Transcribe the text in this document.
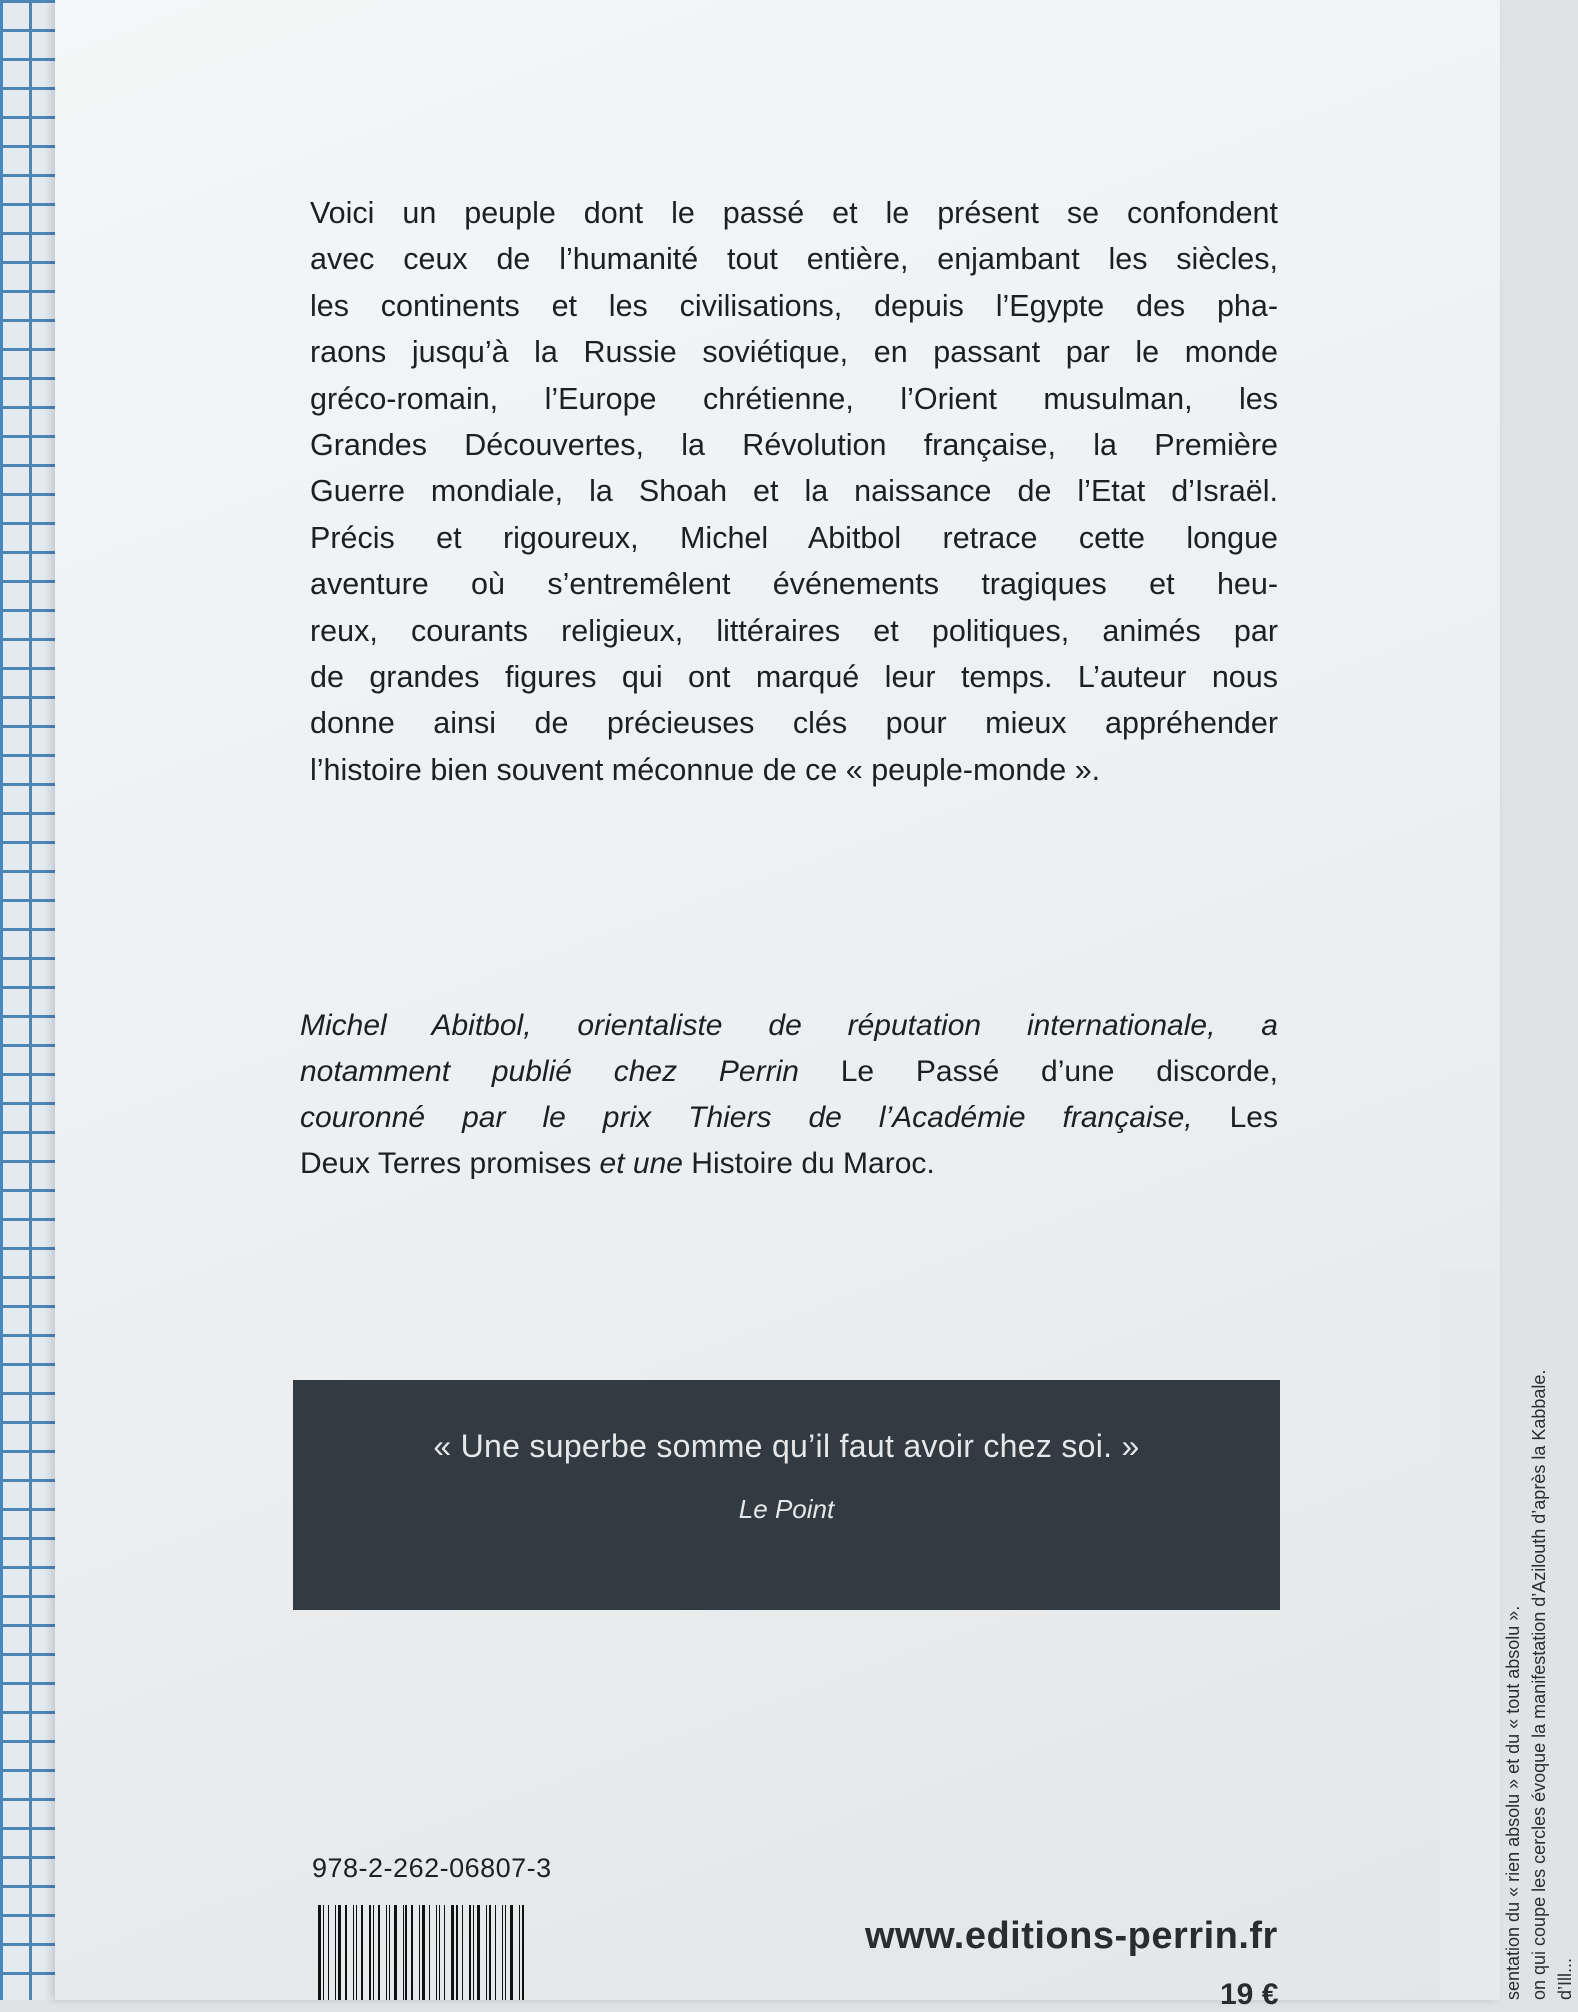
Voici un peuple dont le passé et le présent se confondent
avec ceux de l’humanité tout entière, enjambant les siècles,
les continents et les civilisations, depuis l’Egypte des pha-
raons jusqu’à la Russie soviétique, en passant par le monde
gréco-romain, l’Europe chrétienne, l’Orient musulman, les
Grandes Découvertes, la Révolution française, la Première
Guerre mondiale, la Shoah et la naissance de l’Etat d’Israël.
Précis et rigoureux, Michel Abitbol retrace cette longue
aventure où s’entremêlent événements tragiques et heu-
reux, courants religieux, littéraires et politiques, animés par
de grandes figures qui ont marqué leur temps. L’auteur nous
donne ainsi de précieuses clés pour mieux appréhender
l’histoire bien souvent méconnue de ce « peuple-monde ».
Michel Abitbol, orientaliste de réputation internationale, a
notamment publié chez Perrin Le Passé d’une discorde,
couronné par le prix Thiers de l’Académie française, Les
Deux Terres promises et une Histoire du Maroc.
« Une superbe somme qu’il faut avoir chez soi. »
Le Point
978-2-262-06807-3
www.editions-perrin.fr
19 €	sentation du « rien absolu » et du « tout absolu ». on qui coupe les cercles évoque la manifestation d’Azilouth d’après la Kabbale. d’Ill...
